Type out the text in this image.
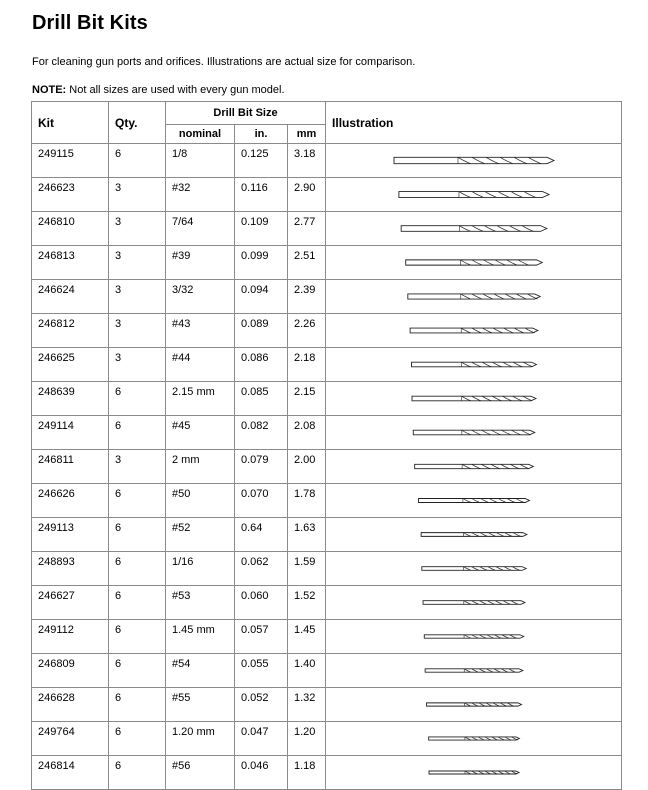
Drill Bit Kits

For cleaning gun ports and orifices. Illustrations are actual size for comparison.

NOTE: Not all sizes are used with every gun model.

Kit	Qty.	Drill Bit Size			Illustration
		nominal	in.	mm	
249115	6	1/8	0.125	3.18	

246623	3	#32	0.116	2.90	

246810	3	7/64	0.109	2.77	

246813	3	#39	0.099	2.51	

246624	3	3/32	0.094	2.39	

246812	3	#43	0.089	2.26	

246625	3	#44	0.086	2.18	

248639	6	2.15 mm	0.085	2.15	

249114	6	#45	0.082	2.08	

246811	3	2 mm	0.079	2.00	

246626	6	#50	0.070	1.78	

249113	6	#52	0.64	1.63	

248893	6	1/16	0.062	1.59	

246627	6	#53	0.060	1.52	

249112	6	1.45 mm	0.057	1.45	

246809	6	#54	0.055	1.40	

246628	6	#55	0.052	1.32	

249764	6	1.20 mm	0.047	1.20	

246814	6	#56	0.046	1.18	
